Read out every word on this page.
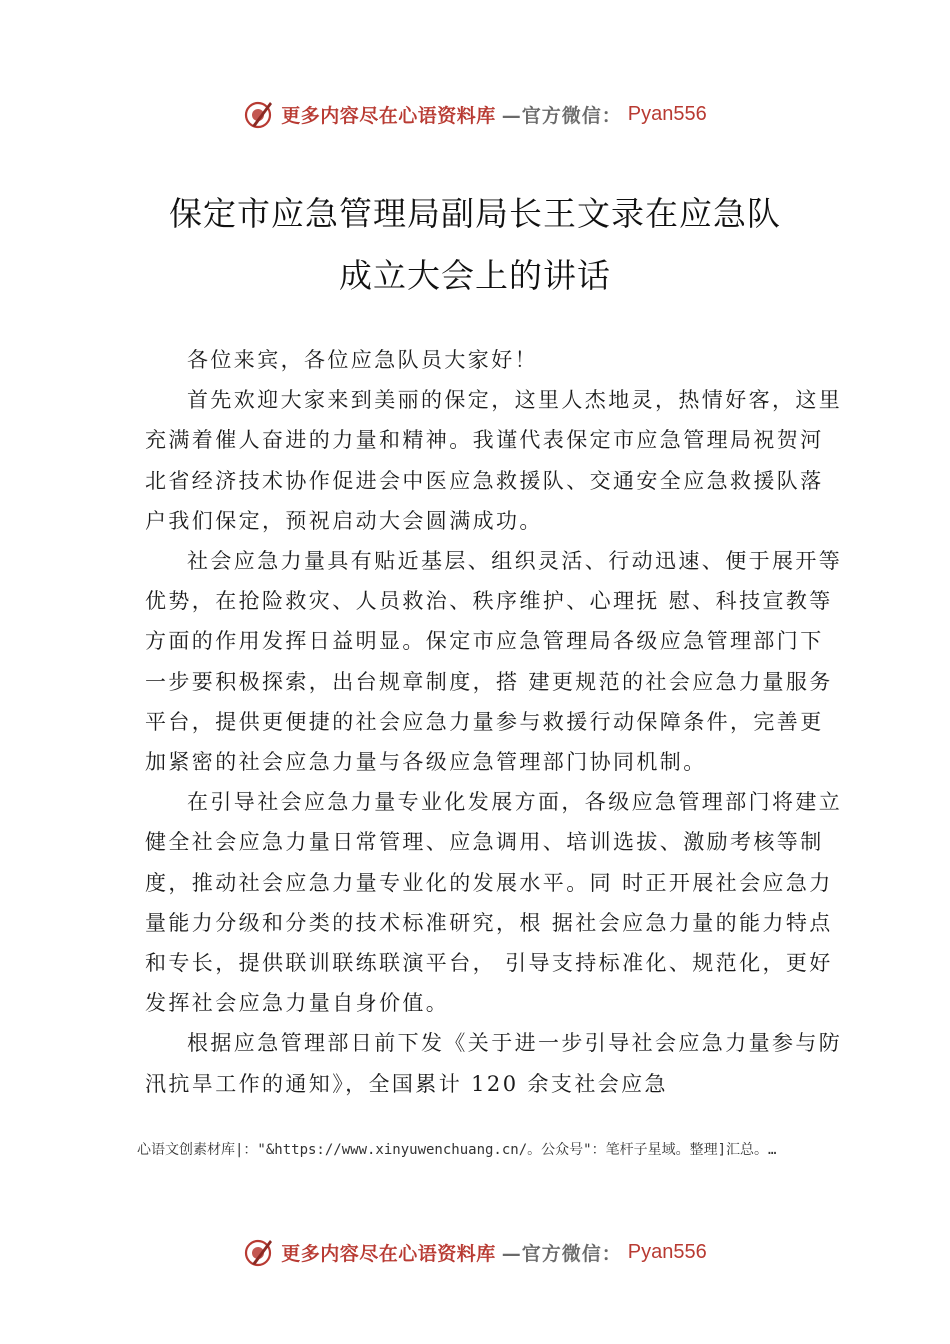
更多内容尽在心语资料库 —官方微信： Pyan556
保定市应急管理局副局长王文录在应急队
成立大会上的讲话

各位来宾，各位应急队员大家好！

首先欢迎大家来到美丽的保定，这里人杰地灵，热情好客，这里充满着催人奋进的力量和精神。我谨代表保定市应急管理局祝贺河北省经济技术协作促进会中医应急救援队、交通安全应急救援队落户我们保定，预祝启动大会圆满成功。

社会应急力量具有贴近基层、组织灵活、行动迅速、便于展开等优势，在抢险救灾、人员救治、秩序维护、心理抚 慰、科技宣教等方面的作用发挥日益明显。保定市应急管理局各级应急管理部门下一步要积极探索，出台规章制度，搭 建更规范的社会应急力量服务平台，提供更便捷的社会应急力量参与救援行动保障条件，完善更加紧密的社会应急力量与各级应急管理部门协同机制。

在引导社会应急力量专业化发展方面，各级应急管理部门将建立健全社会应急力量日常管理、应急调用、培训选拔、激励考核等制度，推动社会应急力量专业化的发展水平。同 时正开展社会应急力量能力分级和分类的技术标准研究，根 据社会应急力量的能力特点和专长，提供联训联练联演平台， 引导支持标准化、规范化，更好发挥社会应急力量自身价值。

根据应急管理部日前下发《关于进一步引导社会应急力量参与防汛抗旱工作的通知》，全国累计 120 余支社会应急

心语文创素材库|："&https://www.xinyuwenchuang.cn/。公众号"：笔杆子星域。整理]汇总。…
更多内容尽在心语资料库 —官方微信： Pyan556
